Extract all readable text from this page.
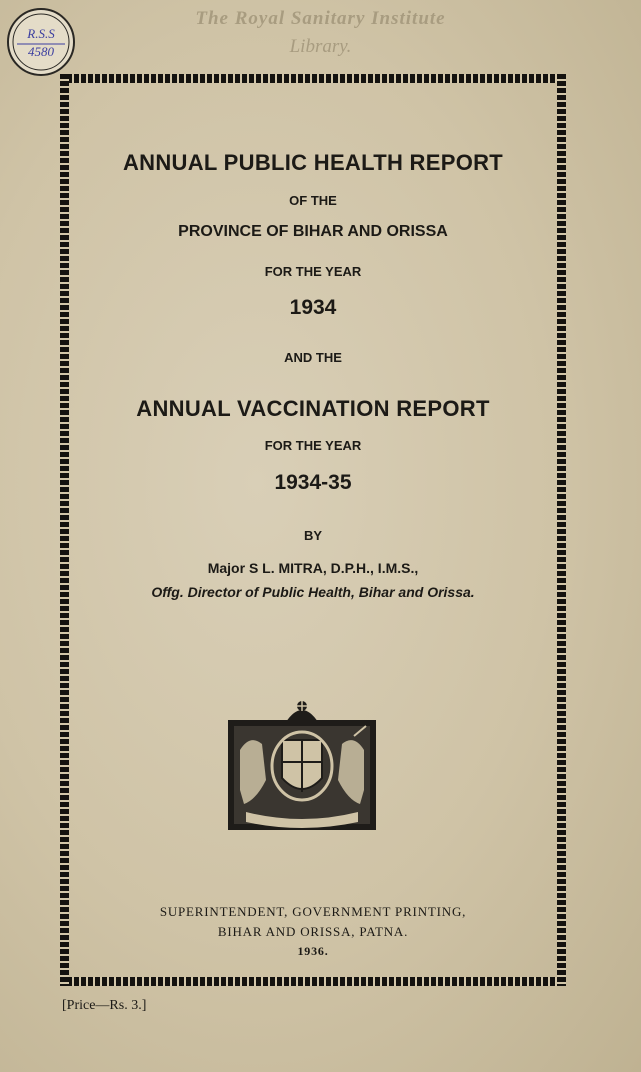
The Royal Sanitary Institute
Library.
R.S.S
4580
ANNUAL PUBLIC HEALTH REPORT
OF THE
PROVINCE OF BIHAR AND ORISSA
FOR THE YEAR
1934
AND THE
ANNUAL VACCINATION REPORT
FOR THE YEAR
1934-35
BY
Major S L. MITRA, D.P.H., I.M.S.,
Offg. Director of Public Health, Bihar and Orissa.
SUPERINTENDENT, GOVERNMENT PRINTING,
BIHAR AND ORISSA, PATNA.
1936.
[Price—Rs. 3.]
